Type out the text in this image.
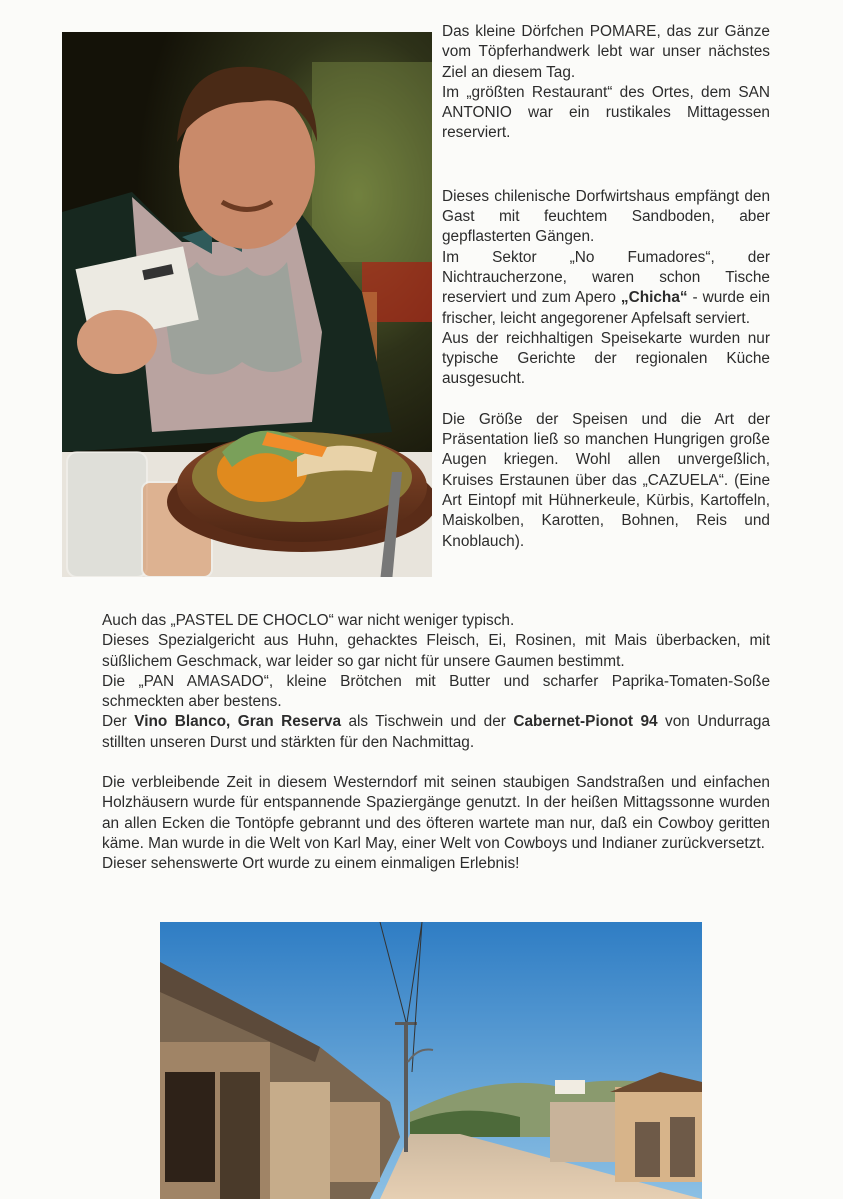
Das kleine Dörfchen POMARE, das zur Gänze vom Töpferhandwerk lebt war unser nächstes Ziel an diesem Tag.

Im „größten Restaurant“ des Ortes, dem SAN ANTONIO war ein rustikales Mittagessen reserviert.

Dieses chilenische Dorfwirtshaus empfängt den Gast mit feuchtem Sandboden, aber gepflasterten Gängen.

Im Sektor „No Fumadores“, der Nichtraucherzone, waren schon Tische reserviert und zum Apero „Chicha“ - wurde ein frischer, leicht angegorener Apfelsaft serviert.

Aus der reichhaltigen Speisekarte wurden nur typische Gerichte der regionalen Küche ausgesucht.

Die Größe der Speisen und die Art der Präsentation ließ so manchen Hungrigen große Augen kriegen. Wohl allen unvergeßlich, Kruises Erstaunen über das „CAZUELA“. (Eine Art Eintopf mit Hühnerkeule, Kürbis, Kartoffeln, Maiskolben, Karotten, Bohnen, Reis und Knoblauch).

Auch das „PASTEL DE CHOCLO“ war nicht weniger typisch.

Dieses Spezialgericht aus Huhn, gehacktes Fleisch, Ei, Rosinen, mit Mais überbacken, mit süßlichem Geschmack, war leider so gar nicht für unsere Gaumen bestimmt.

Die „PAN AMASADO“, kleine Brötchen mit Butter und scharfer Paprika-Tomaten-Soße schmeckten aber bestens.

Der Vino Blanco, Gran Reserva als Tischwein und der Cabernet-Pionot 94 von Undurraga stillten unseren Durst und stärkten für den Nachmittag.

Die verbleibende Zeit in diesem Westerndorf mit seinen staubigen Sandstraßen und einfachen Holzhäusern wurde für entspannende Spaziergänge genutzt. In der heißen Mittagssonne wurden an allen Ecken die Tontöpfe gebrannt und des öfteren wartete man nur, daß ein Cowboy geritten käme. Man wurde in die Welt von Karl May, einer Welt von Cowboys und Indianer zurückversetzt.

Dieser sehenswerte Ort wurde zu einem einmaligen Erlebnis!
